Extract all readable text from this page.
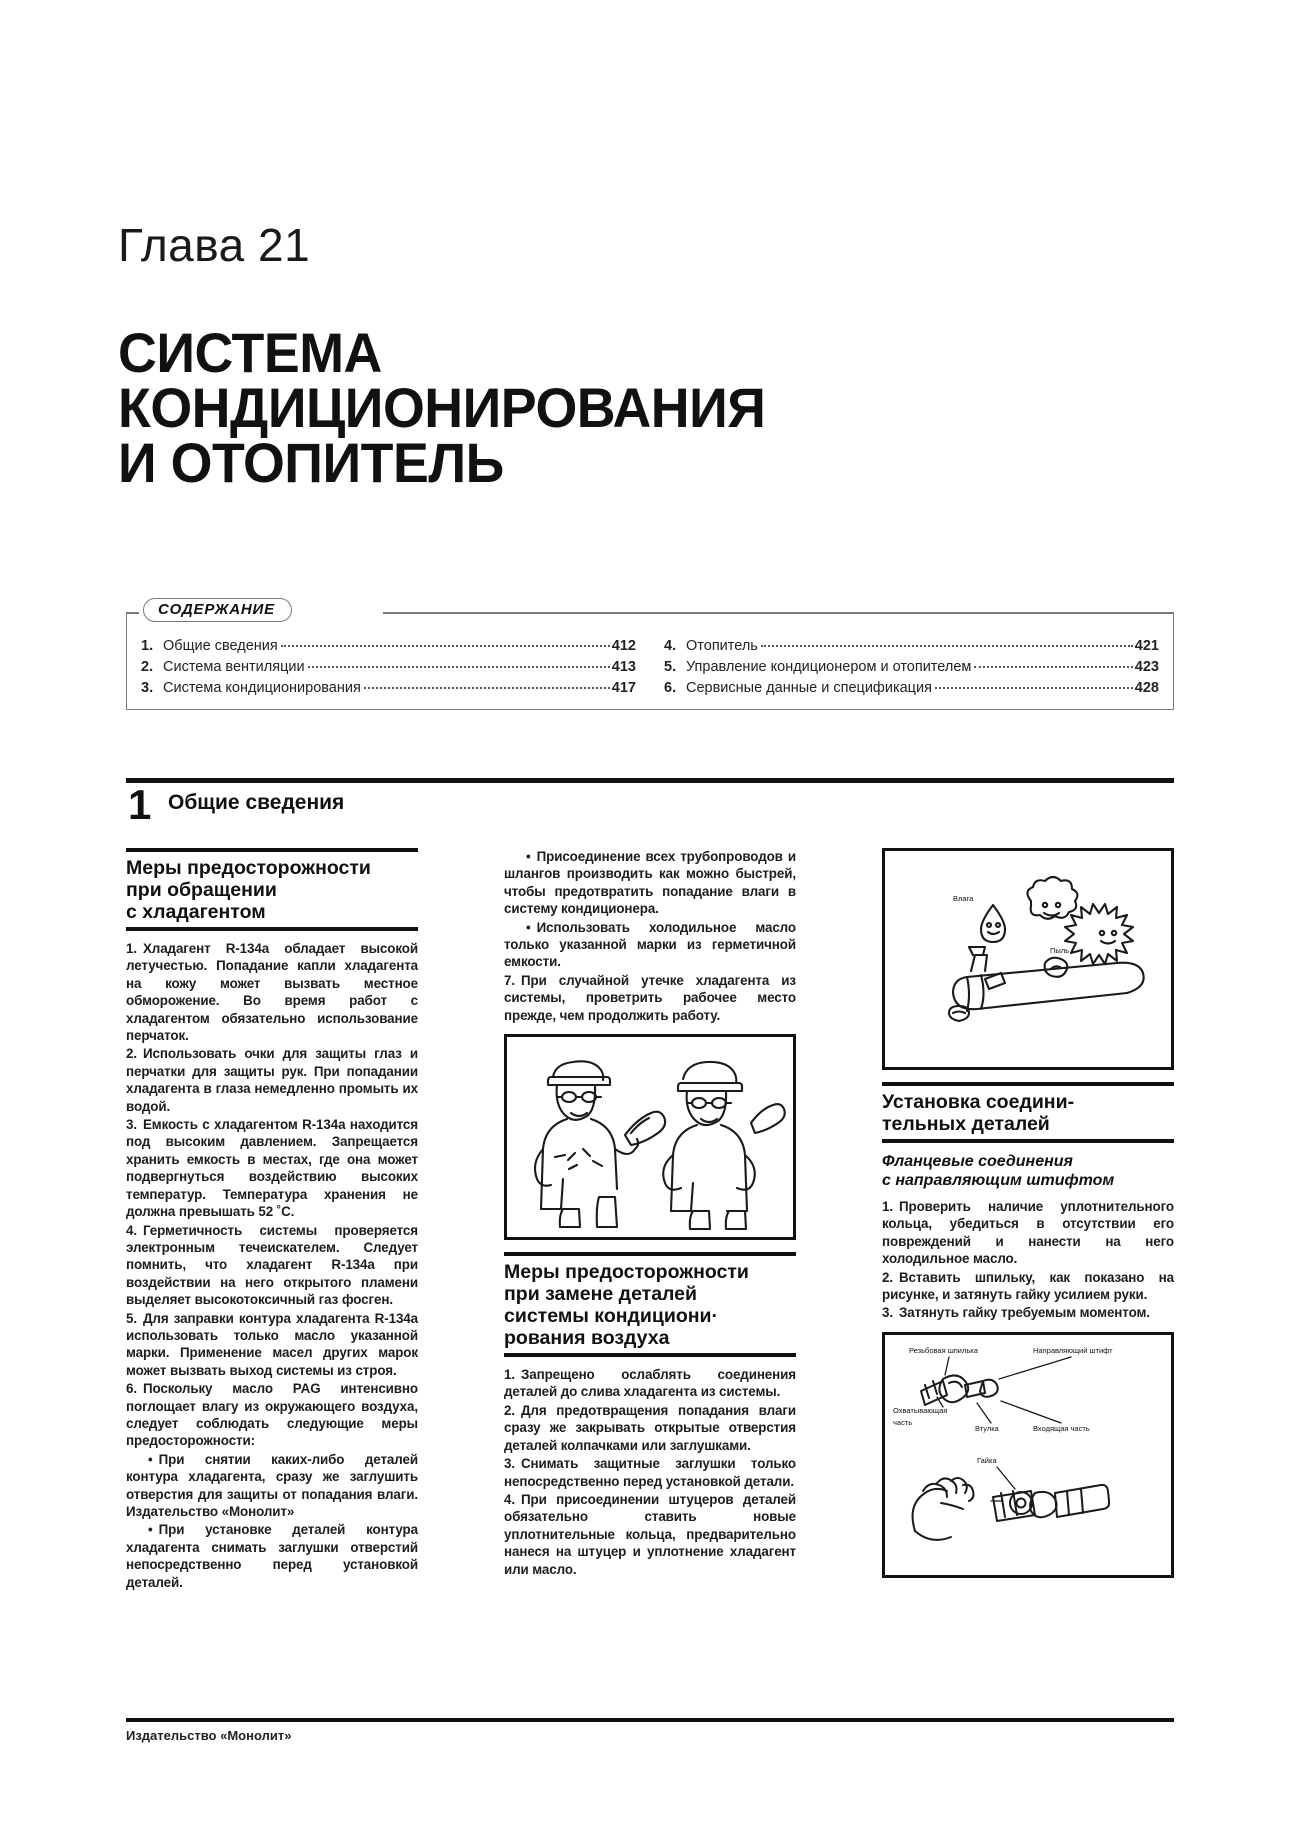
Глава 21
СИСТЕМА
КОНДИЦИОНИРОВАНИЯ
И ОТОПИТЕЛЬ
СОДЕРЖАНИЕ
1. Общие сведения	412
2. Система вентиляции	413
3. Система кондиционирования	417
4. Отопитель	421
5. Управление кондиционером и отопителем	423
6. Сервисные данные и спецификация	428
1 Общие сведения
Меры предосторожности
при обращении
с хладагентом

1. Хладагент R-134а обладает высокой летучестью. Попадание капли хладагента на кожу может вызвать местное обморожение. Во время работ с хладагентом обязательно использование перчаток.

2. Использовать очки для защиты глаз и перчатки для защиты рук. При попадании хладагента в глаза немедленно промыть их водой.

3. Емкость с хладагентом R-134а находится под высоким давлением. Запрещается хранить емкость в местах, где она может подвергнуться воздействию высоких температур. Температура хранения не должна превышать 52 ˚С.

4. Герметичность системы проверяется электронным течеискателем. Следует помнить, что хладагент R-134а при воздействии на него открытого пламени выделяет высокотоксичный газ фосген.

5. Для заправки контура хладагента R-134а использовать только масло указанной марки. Применение масел других марок может вызвать выход системы из строя.

6. Поскольку масло PAG интенсивно поглощает влагу из окружающего воздуха, следует соблюдать следующие меры предосторожности:

• При снятии каких-либо деталей контура хладагента, сразу же заглушить отверстия для защиты от попадания влаги. Издательство «Монолит»

• При установке деталей контура хладагента снимать заглушки отверстий непосредственно перед установкой деталей.

• Присоединение всех трубопроводов и шлангов производить как можно быстрей, чтобы предотвратить попадание влаги в систему кондиционера.

• Использовать холодильное масло только указанной марки из герметичной емкости.

7. При случайной утечке хладагента из системы, проветрить рабочее место прежде, чем продолжить работу.

Меры предосторожности
при замене деталей
системы кондициони·
рования воздуха

1. Запрещено ослаблять соединения деталей до слива хладагента из системы.

2. Для предотвращения попадания влаги сразу же закрывать открытые отверстия деталей колпачками или заглушками.

3. Снимать защитные заглушки только непосредственно перед установкой детали.

4. При присоединении штуцеров деталей обязательно ставить новые уплотнительные кольца, предварительно нанеся на штуцер и уплотнение хладагент или масло.

Влага
Пыль
Установка соедини-
тельных деталей
Фланцевые соединения
с направляющим штифтом

1. Проверить наличие уплотнительного кольца, убедиться в отсутствии его повреждений и нанести на него холодильное масло.

2. Вставить шпильку, как показано на рисунке, и затянуть гайку усилием руки.

3. Затянуть гайку требуемым моментом.

Резьбовая шпилька	Направляющий штифт
Втулка	Входящая часть
Охватывающая
часть
Гайка
Издательство «Монолит»
